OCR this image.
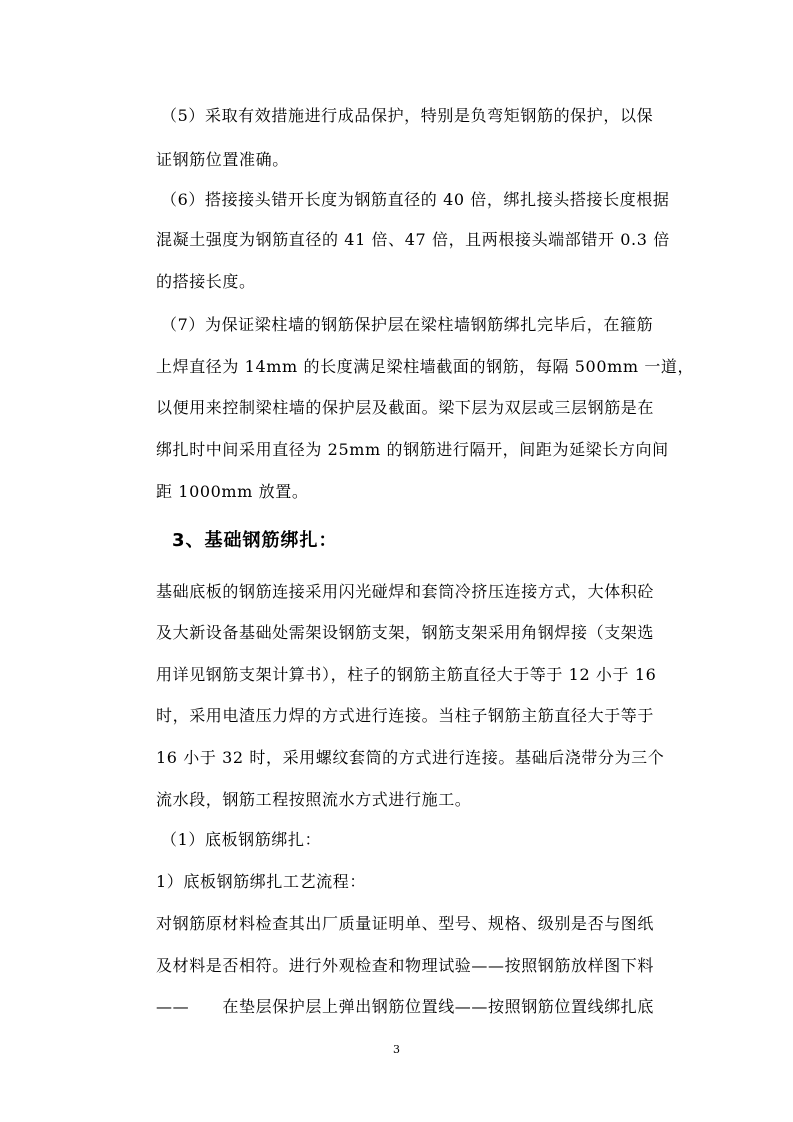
（5）采取有效措施进行成品保护，特别是负弯矩钢筋的保护，以保
证钢筋位置准确。
（6）搭接接头错开长度为钢筋直径的 40 倍，绑扎接头搭接长度根据
混凝土强度为钢筋直径的 41 倍、47 倍，且两根接头端部错开 0.3 倍
的搭接长度。
（7）为保证梁柱墙的钢筋保护层在梁柱墙钢筋绑扎完毕后，在箍筋
上焊直径为 14mm 的长度满足梁柱墙截面的钢筋，每隔 500mm 一道，
以便用来控制梁柱墙的保护层及截面。梁下层为双层或三层钢筋是在
绑扎时中间采用直径为 25mm 的钢筋进行隔开，间距为延梁长方向间
距 1000mm 放置。
3、基础钢筋绑扎：
基础底板的钢筋连接采用闪光碰焊和套筒冷挤压连接方式，大体积砼
及大新设备基础处需架设钢筋支架，钢筋支架采用角钢焊接（支架选
用详见钢筋支架计算书），柱子的钢筋主筋直径大于等于 12 小于 16
时，采用电渣压力焊的方式进行连接。当柱子钢筋主筋直径大于等于
16 小于 32 时，采用螺纹套筒的方式进行连接。基础后浇带分为三个
流水段，钢筋工程按照流水方式进行施工。
（1）底板钢筋绑扎：
1）底板钢筋绑扎工艺流程：
对钢筋原材料检查其出厂质量证明单、型号、规格、级别是否与图纸
及材料是否相符。进行外观检查和物理试验——按照钢筋放样图下料
——　　在垫层保护层上弹出钢筋位置线——按照钢筋位置线绑扎底
3
